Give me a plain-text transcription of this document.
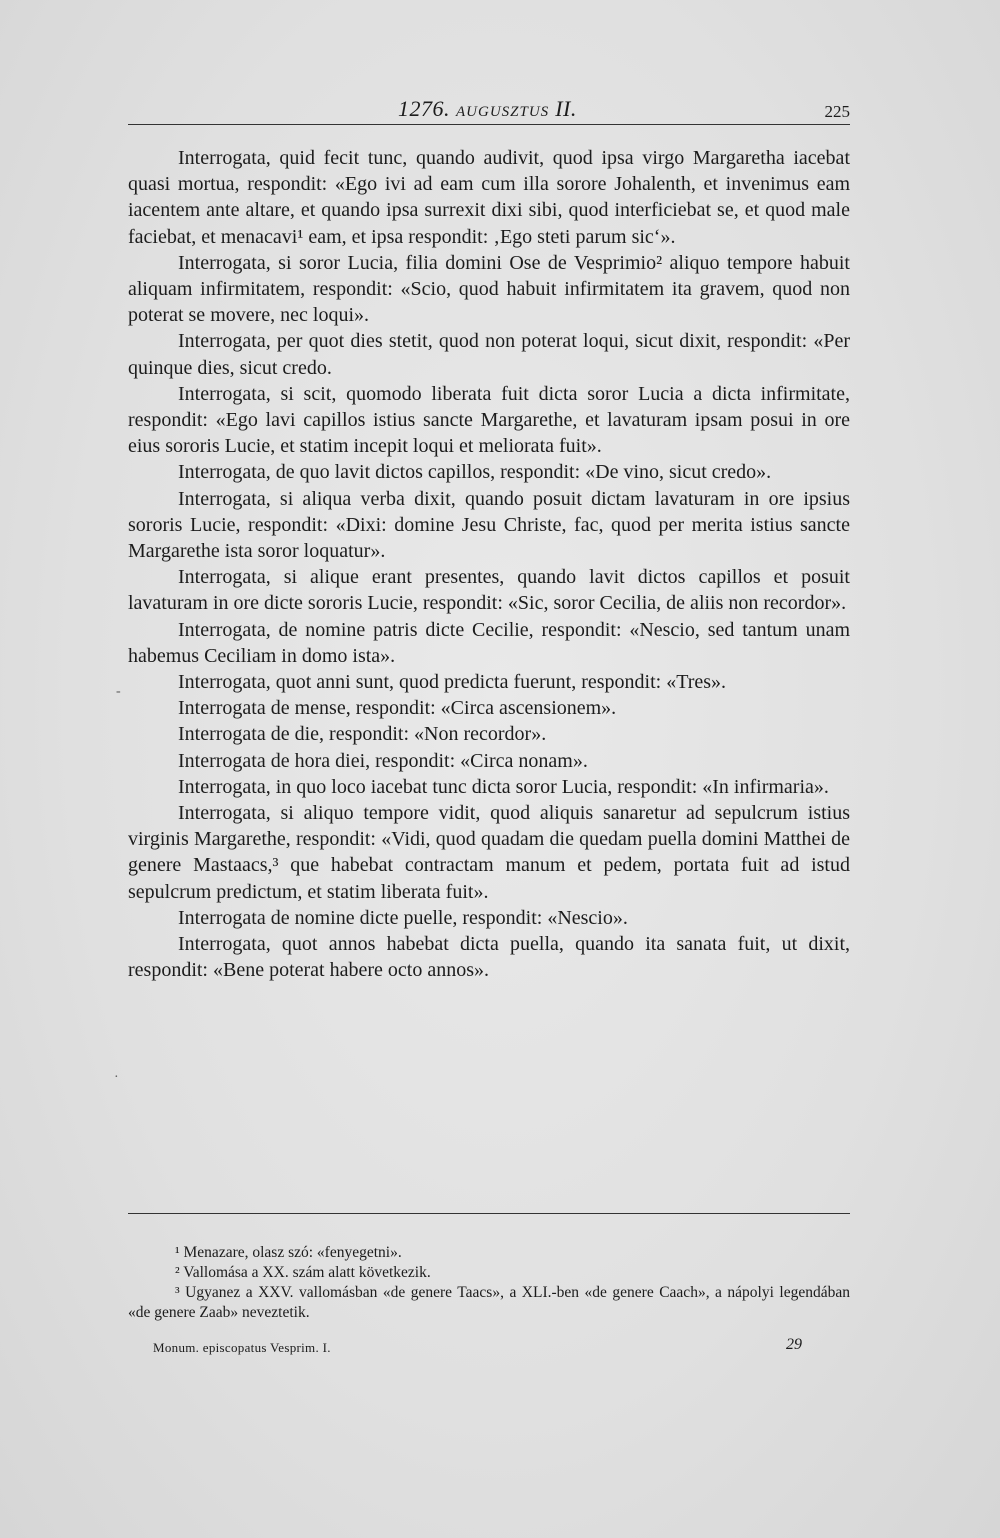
1276. AUGUSZTUS II.	225

Interrogata, quid fecit tunc, quando audivit, quod ipsa virgo Margaretha iacebat quasi mortua, respondit: «Ego ivi ad eam cum illa sorore Johalenth, et invenimus eam iacentem ante altare, et quando ipsa surrexit dixi sibi, quod interficiebat se, et quod male faciebat, et menacavi¹ eam, et ipsa respondit: ‚Ego steti parum sic‘».

Interrogata, si soror Lucia, filia domini Ose de Vesprimio² aliquo tempore habuit aliquam infirmitatem, respondit: «Scio, quod habuit infirmitatem ita gravem, quod non poterat se movere, nec loqui».

Interrogata, per quot dies stetit, quod non poterat loqui, sicut dixit, respondit: «Per quinque dies, sicut credo.

Interrogata, si scit, quomodo liberata fuit dicta soror Lucia a dicta infirmitate, respondit: «Ego lavi capillos istius sancte Margarethe, et lavaturam ipsam posui in ore eius sororis Lucie, et statim incepit loqui et meliorata fuit».

Interrogata, de quo lavit dictos capillos, respondit: «De vino, sicut credo».

Interrogata, si aliqua verba dixit, quando posuit dictam lavaturam in ore ipsius sororis Lucie, respondit: «Dixi: domine Jesu Christe, fac, quod per merita istius sancte Margarethe ista soror loquatur».

Interrogata, si alique erant presentes, quando lavit dictos capillos et posuit lavaturam in ore dicte sororis Lucie, respondit: «Sic, soror Cecilia, de aliis non recordor».

Interrogata, de nomine patris dicte Cecilie, respondit: «Nescio, sed tantum unam habemus Ceciliam in domo ista».

Interrogata, quot anni sunt, quod predicta fuerunt, respondit: «Tres».

Interrogata de mense, respondit: «Circa ascensionem».

Interrogata de die, respondit: «Non recordor».

Interrogata de hora diei, respondit: «Circa nonam».

Interrogata, in quo loco iacebat tunc dicta soror Lucia, respondit: «In infirmaria».

Interrogata, si aliquo tempore vidit, quod aliquis sanaretur ad sepulcrum istius virginis Margarethe, respondit: «Vidi, quod quadam die quedam puella domini Matthei de genere Mastaacs,³ que habebat contractam manum et pedem, portata fuit ad istud sepulcrum predictum, et statim liberata fuit».

Interrogata de nomine dicte puelle, respondit: «Nescio».

Interrogata, quot annos habebat dicta puella, quando ita sanata fuit, ut dixit, respondit: «Bene poterat habere octo annos».

-
·

¹ Menazare, olasz szó: «fenyegetni».

² Vallomása a XX. szám alatt következik.

³ Ugyanez a XXV. vallomásban «de genere Taacs», a XLI.-ben «de genere Caach», a nápolyi legendában «de genere Zaab» neveztetik.

Monum. episcopatus Vesprim. I.	29
